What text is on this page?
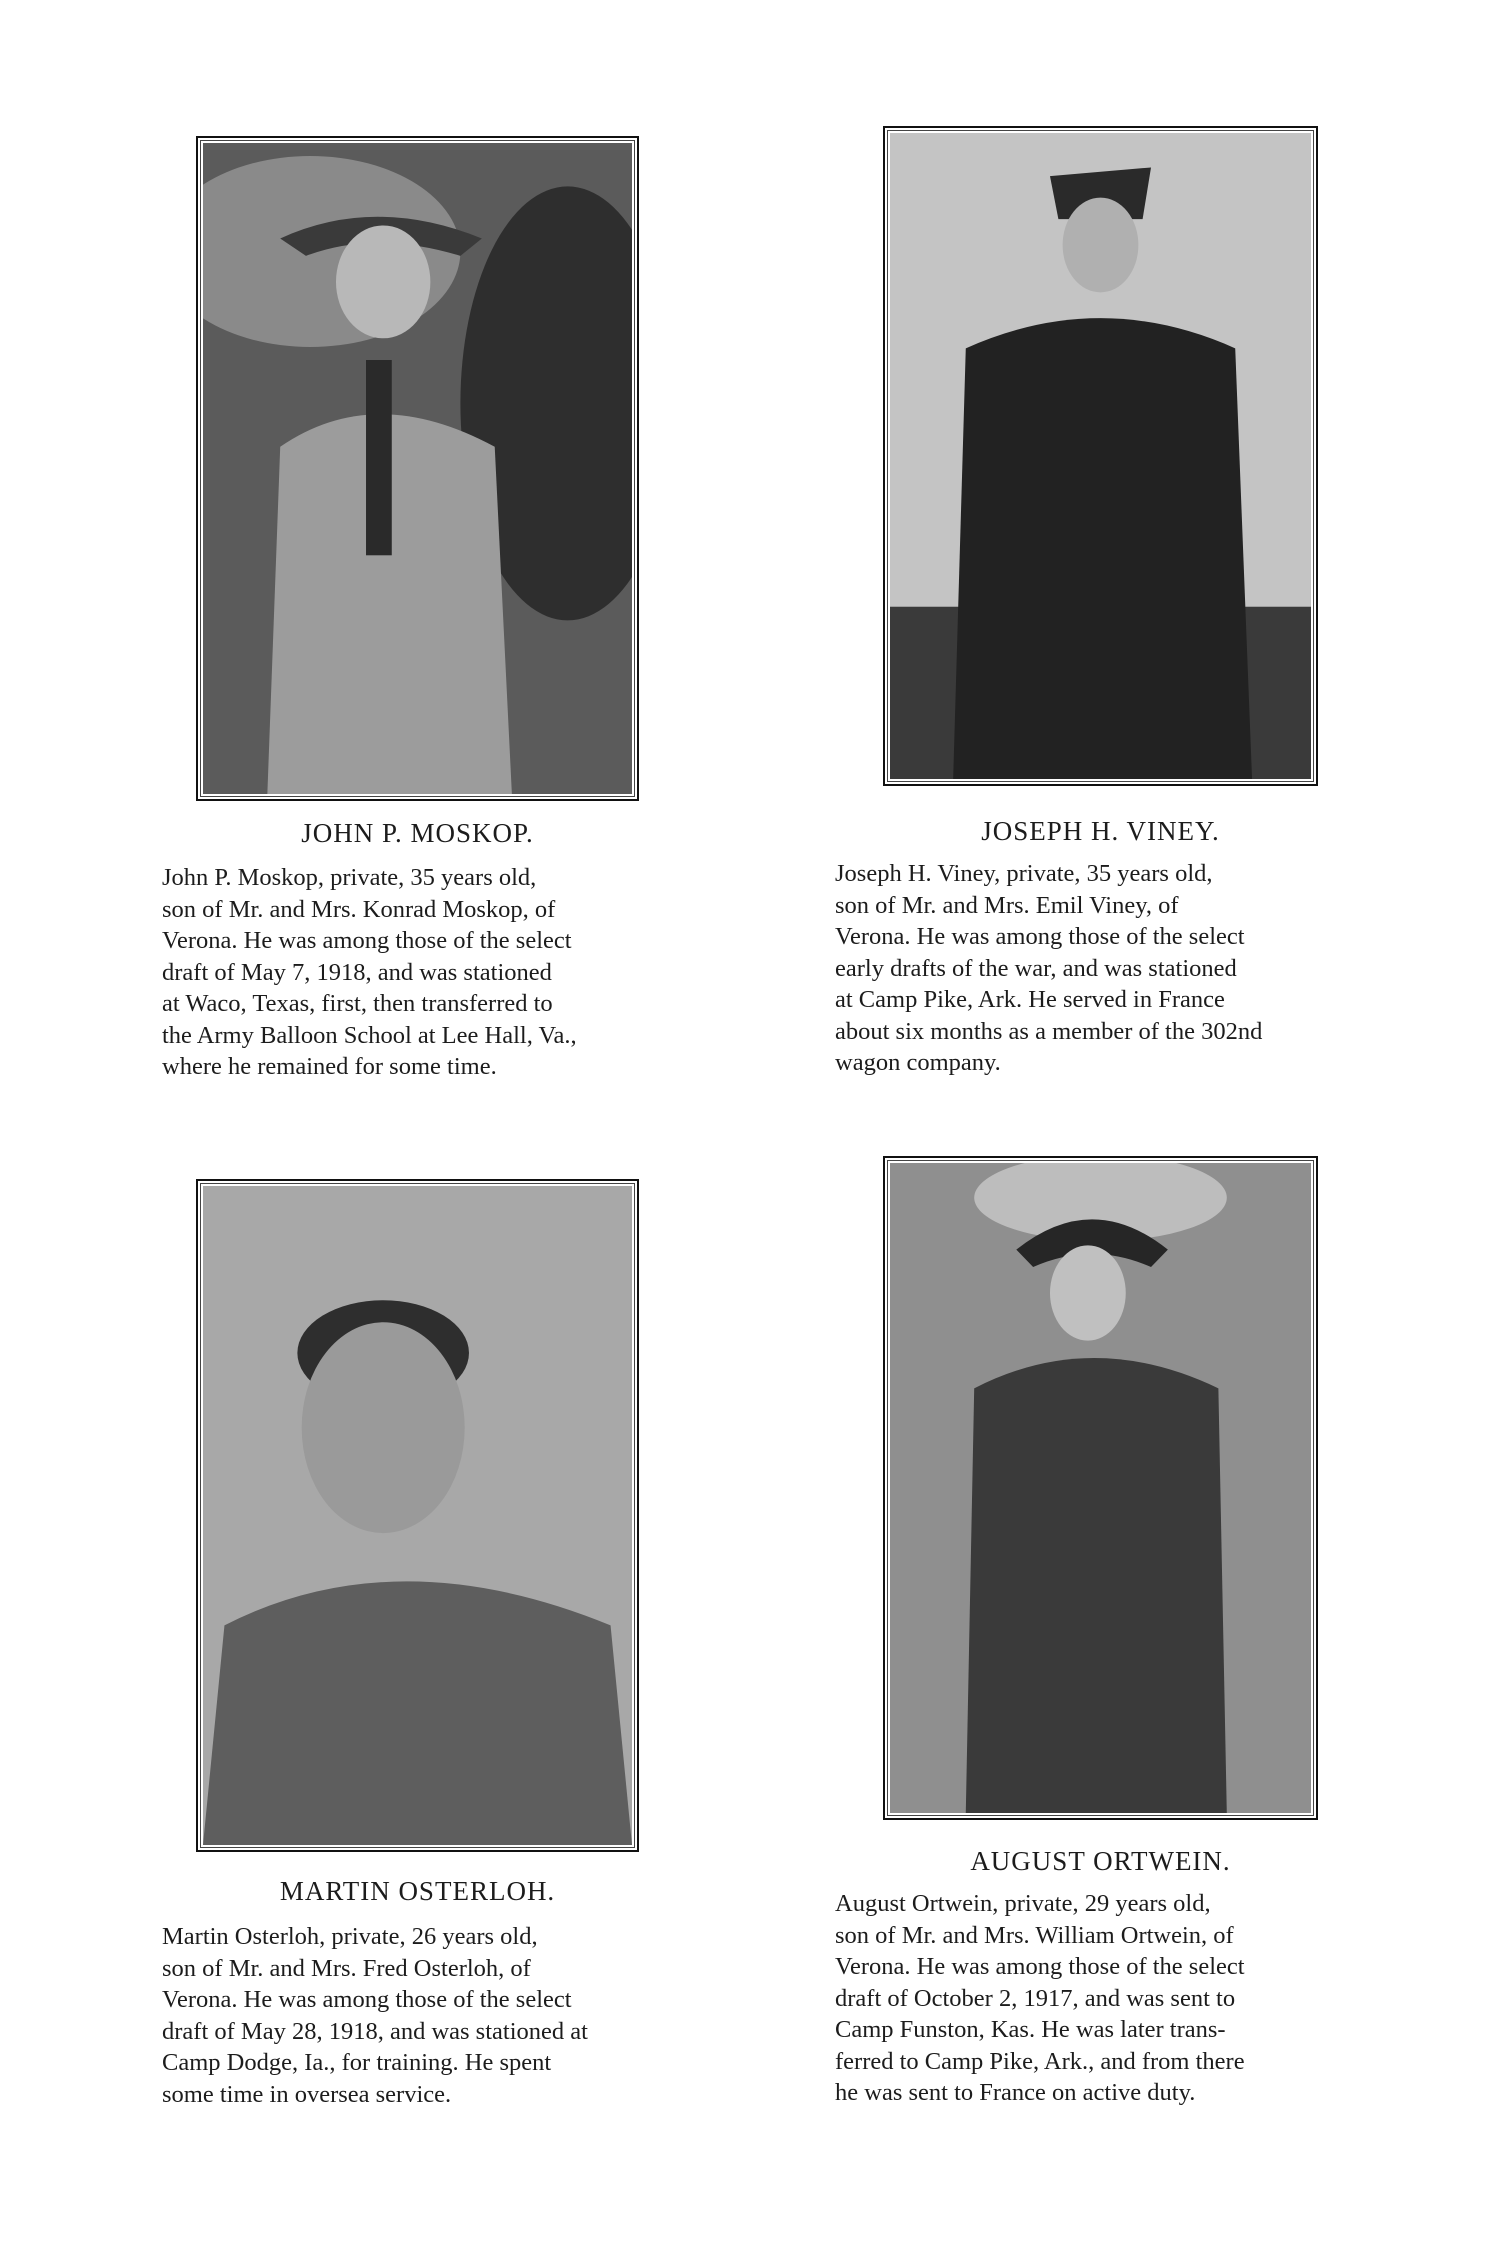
JOHN P. MOSKOP.
John P. Moskop, private, 35 years old,
son of Mr. and Mrs. Konrad Moskop, of
Verona. He was among those of the select
draft of May 7, 1918, and was stationed
at Waco, Texas, first, then transferred to
the Army Balloon School at Lee Hall, Va.,
where he remained for some time.
JOSEPH H. VINEY.
Joseph H. Viney, private, 35 years old,
son of Mr. and Mrs. Emil Viney, of
Verona. He was among those of the select
early drafts of the war, and was stationed
at Camp Pike, Ark. He served in France
about six months as a member of the 302nd
wagon company.
MARTIN OSTERLOH.
Martin Osterloh, private, 26 years old,
son of Mr. and Mrs. Fred Osterloh, of
Verona. He was among those of the select
draft of May 28, 1918, and was stationed at
Camp Dodge, Ia., for training. He spent
some time in oversea service.
AUGUST ORTWEIN.
August Ortwein, private, 29 years old,
son of Mr. and Mrs. William Ortwein, of
Verona. He was among those of the select
draft of October 2, 1917, and was sent to
Camp Funston, Kas. He was later trans-
ferred to Camp Pike, Ark., and from there
he was sent to France on active duty.
